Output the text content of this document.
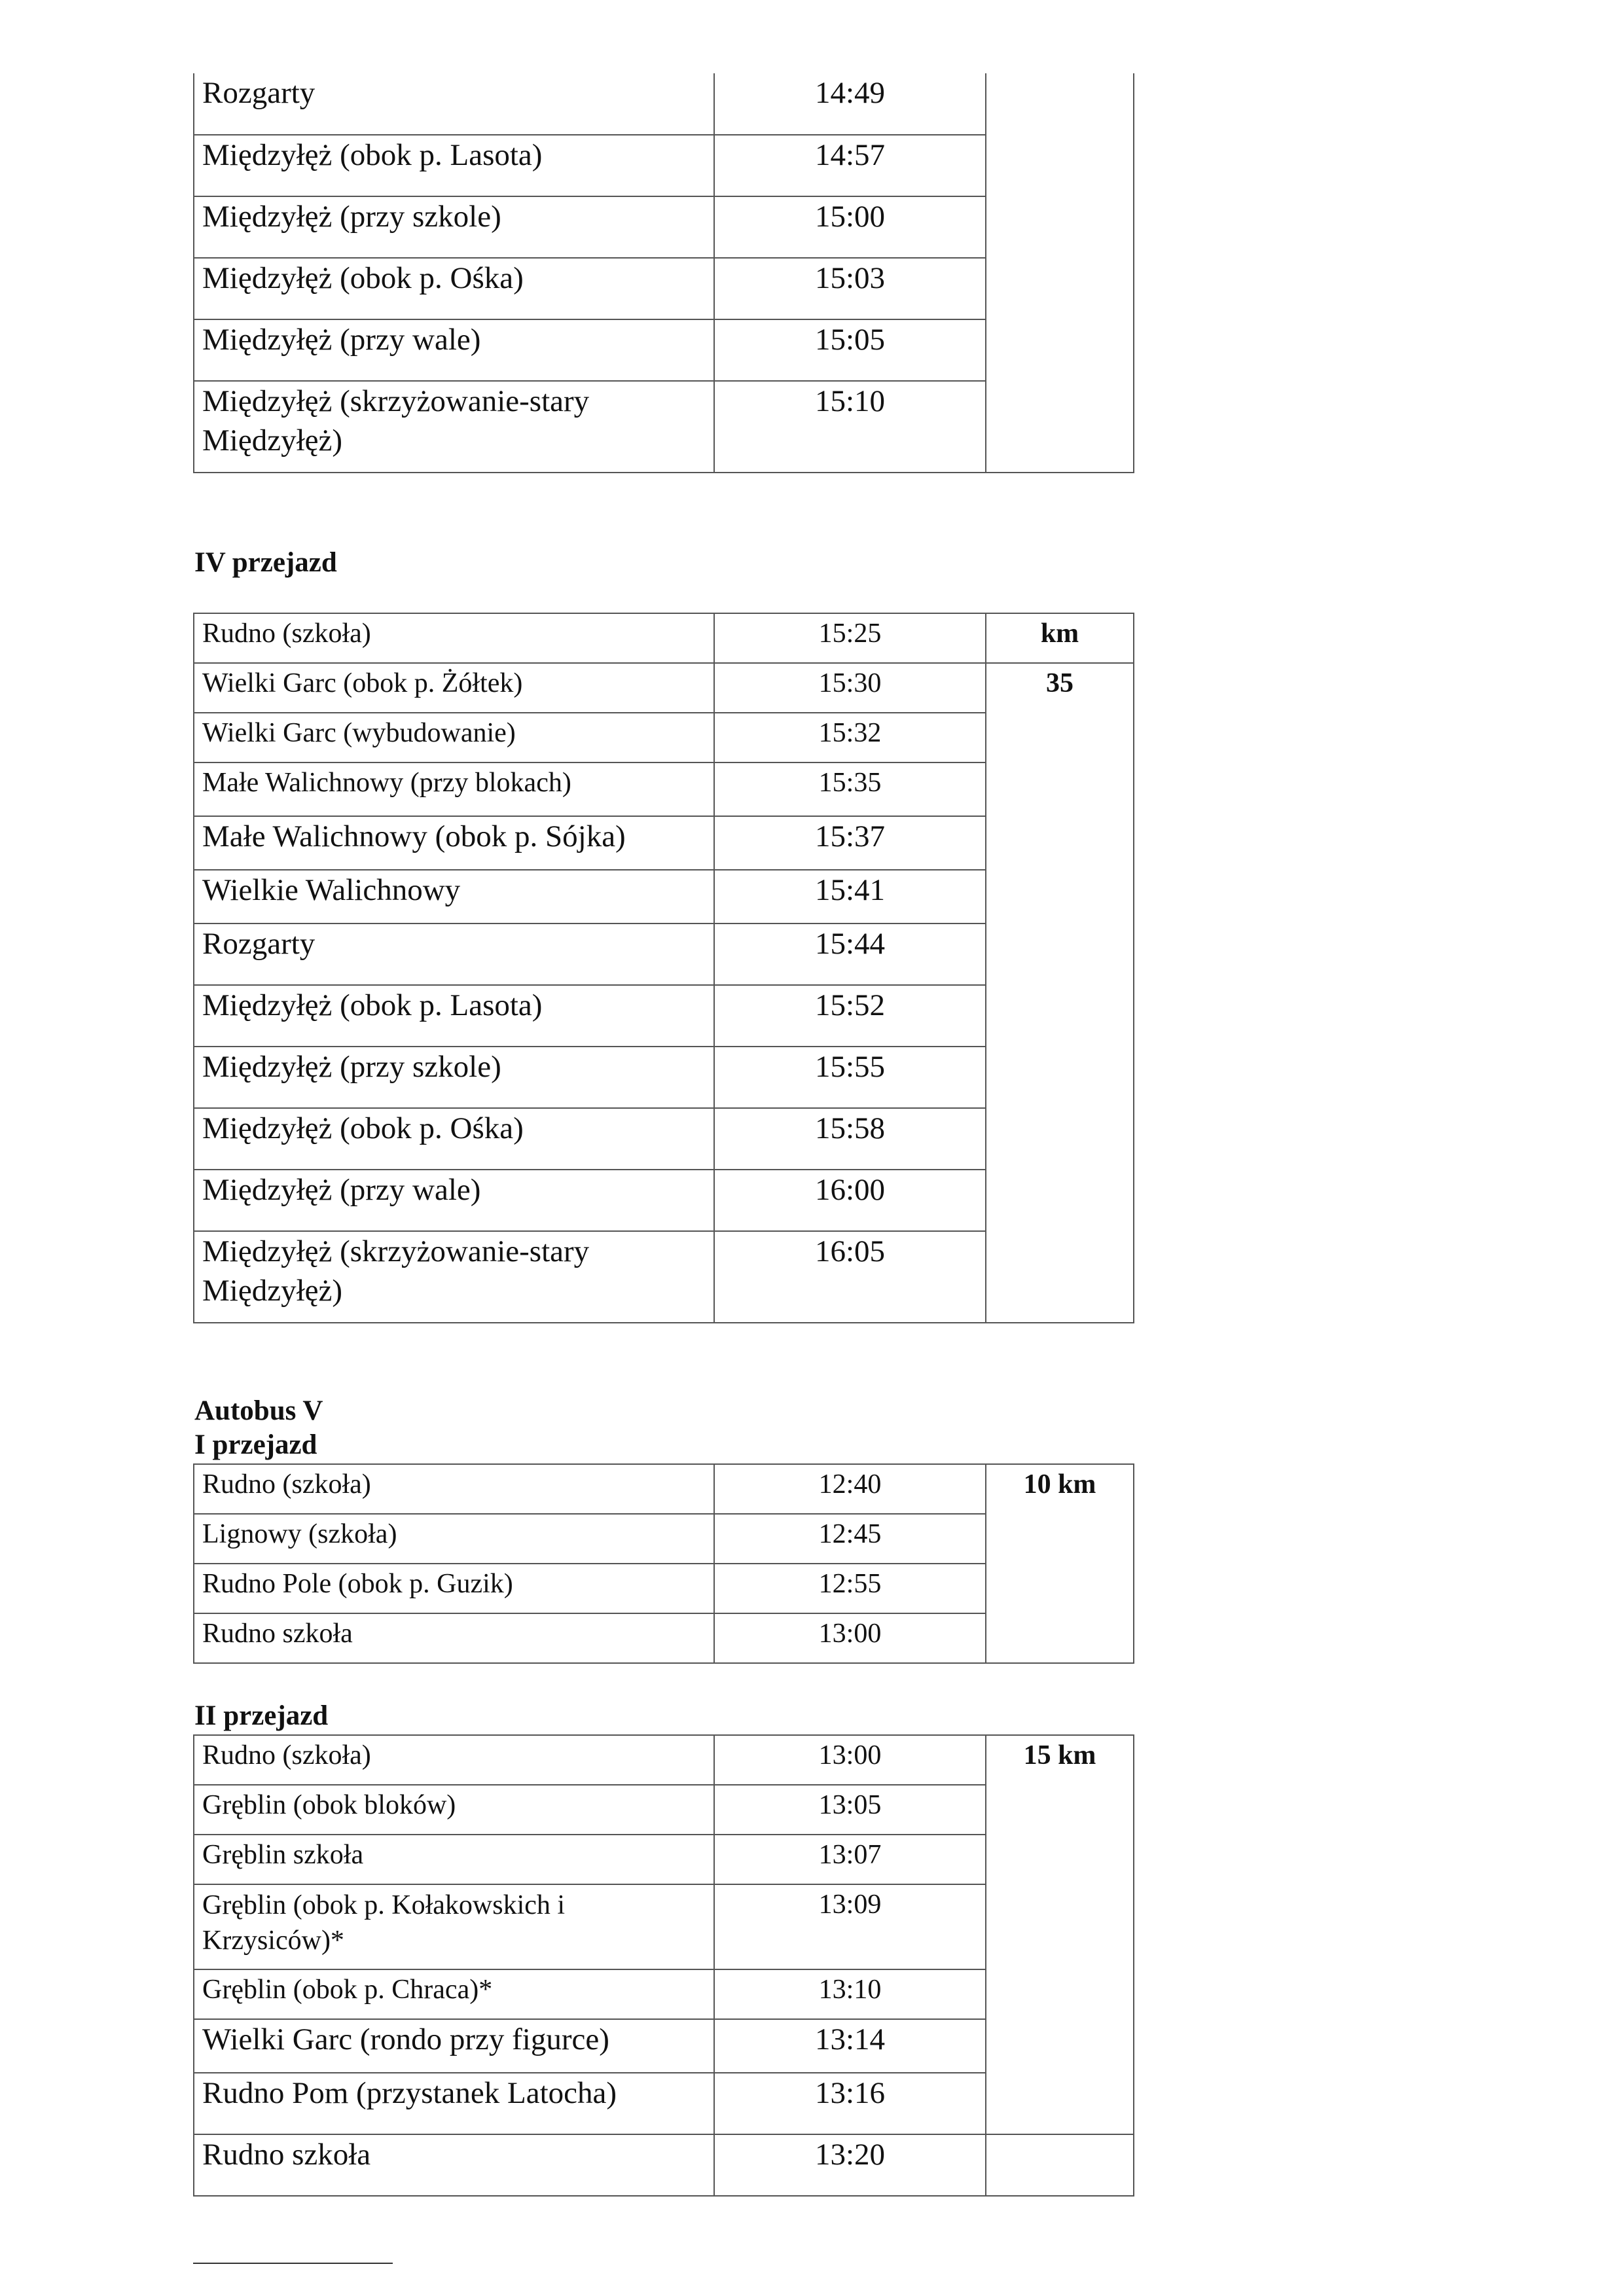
Rozgarty	14:49	
Międzyłęż (obok p. Lasota)	14:57	
Międzyłęż (przy szkole)	15:00	
Międzyłęż (obok p. Ośka)	15:03	
Międzyłęż (przy wale)	15:05	
Międzyłęż (skrzyżowanie-stary Międzyłęż)	15:10	
IV przejazd
Rudno (szkoła)	15:25	km
Wielki Garc (obok p. Żółtek)	15:30	35
Wielki Garc (wybudowanie)	15:32	
Małe Walichnowy (przy blokach)	15:35	
Małe Walichnowy (obok p. Sójka)	15:37	
Wielkie Walichnowy	15:41	
Rozgarty	15:44	
Międzyłęż (obok p. Lasota)	15:52	
Międzyłęż (przy szkole)	15:55	
Międzyłęż (obok p. Ośka)	15:58	
Międzyłęż (przy wale)	16:00	
Międzyłęż (skrzyżowanie-stary Międzyłęż)	16:05	
Autobus V
I przejazd
Rudno (szkoła)	12:40	10 km
Lignowy (szkoła)	12:45	
Rudno Pole (obok p. Guzik)	12:55	
Rudno szkoła	13:00	
II przejazd
Rudno (szkoła)	13:00	15 km
Gręblin (obok bloków)	13:05	
Gręblin szkoła	13:07	
Gręblin (obok p. Kołakowskich i Krzysiców)*	13:09	
Gręblin (obok p. Chraca)*	13:10	
Wielki Garc (rondo przy figurce)	13:14	
Rudno Pom (przystanek Latocha)	13:16	
Rudno szkoła	13:20	
